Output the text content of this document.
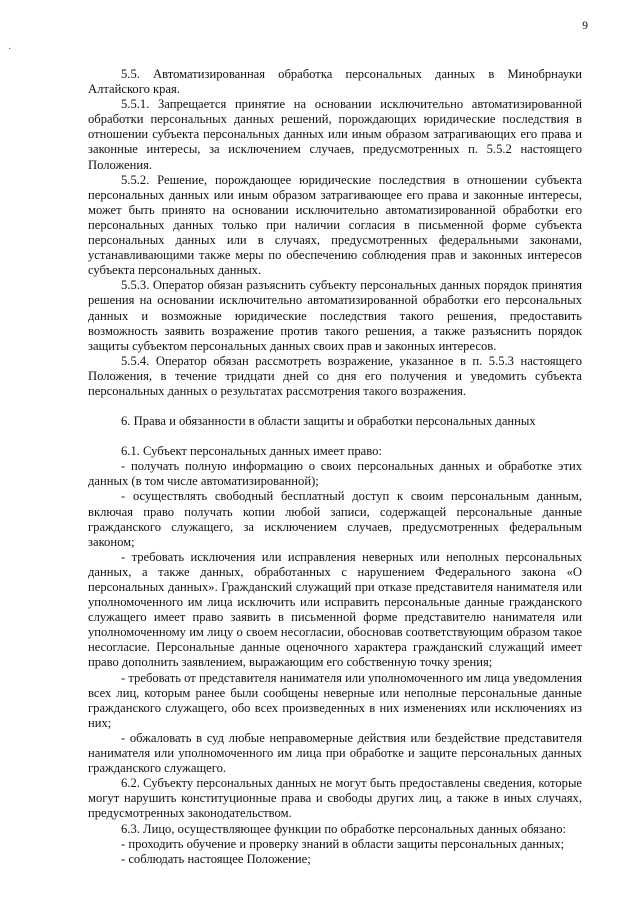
·
9

5.5. Автоматизированная обработка персональных данных в Минобрнауки Алтайского края.

5.5.1. Запрещается принятие на основании исключительно автоматизированной обработки персональных данных решений, порождающих юридические последствия в отношении субъекта персональных данных или иным образом затрагивающих его права и законные интересы, за исключением случаев, предусмотренных п. 5.5.2 настоящего Положения.

5.5.2. Решение, порождающее юридические последствия в отношении субъекта персональных данных или иным образом затрагивающее его права и законные интересы, может быть принято на основании исключительно автоматизированной обработки его персональных данных только при наличии согласия в письменной форме субъекта персональных данных или в случаях, предусмотренных федеральными законами, устанавливающими также меры по обеспечению соблюдения прав и законных интересов субъекта персональных данных.

5.5.3. Оператор обязан разъяснить субъекту персональных данных порядок принятия решения на основании исключительно автоматизированной обработки его персональных данных и возможные юридические последствия такого решения, предоставить возможность заявить возражение против такого решения, а также разъяснить порядок защиты субъектом персональных данных своих прав и законных интересов.

5.5.4. Оператор обязан рассмотреть возражение, указанное в п. 5.5.3 настоящего Положения, в течение тридцати дней со дня его получения и уведомить субъекта персональных данных о результатах рассмотрения такого возражения.

6. Права и обязанности в области защиты и обработки персональных данных

6.1. Субъект персональных данных имеет право:

- получать полную информацию о своих персональных данных и обработке этих данных (в том числе автоматизированной);

- осуществлять свободный бесплатный доступ к своим персональным данным, включая право получать копии любой записи, содержащей персональные данные гражданского служащего, за исключением случаев, предусмотренных федеральным законом;

- требовать исключения или исправления неверных или неполных персональных данных, а также данных, обработанных с нарушением Федерального закона «О персональных данных». Гражданский служащий при отказе представителя нанимателя или уполномоченного им лица исключить или исправить персональные данные гражданского служащего имеет право заявить в письменной форме представителю нанимателя или уполномоченному им лицу о своем несогласии, обосновав соответствующим образом такое несогласие. Персональные данные оценочного характера гражданский служащий имеет право дополнить заявлением, выражающим его собственную точку зрения;

- требовать от представителя нанимателя или уполномоченного им лица уведомления всех лиц, которым ранее были сообщены неверные или неполные персональные данные гражданского служащего, обо всех произведенных в них изменениях или исключениях из них;

- обжаловать в суд любые неправомерные действия или бездействие представителя нанимателя или уполномоченного им лица при обработке и защите персональных данных гражданского служащего.

6.2. Субъекту персональных данных не могут быть предоставлены сведения, которые могут нарушить конституционные права и свободы других лиц, а также в иных случаях, предусмотренных законодательством.

6.3. Лицо, осуществляющее функции по обработке персональных данных обязано:

- проходить обучение и проверку знаний в области защиты персональных данных;

- соблюдать настоящее Положение;
